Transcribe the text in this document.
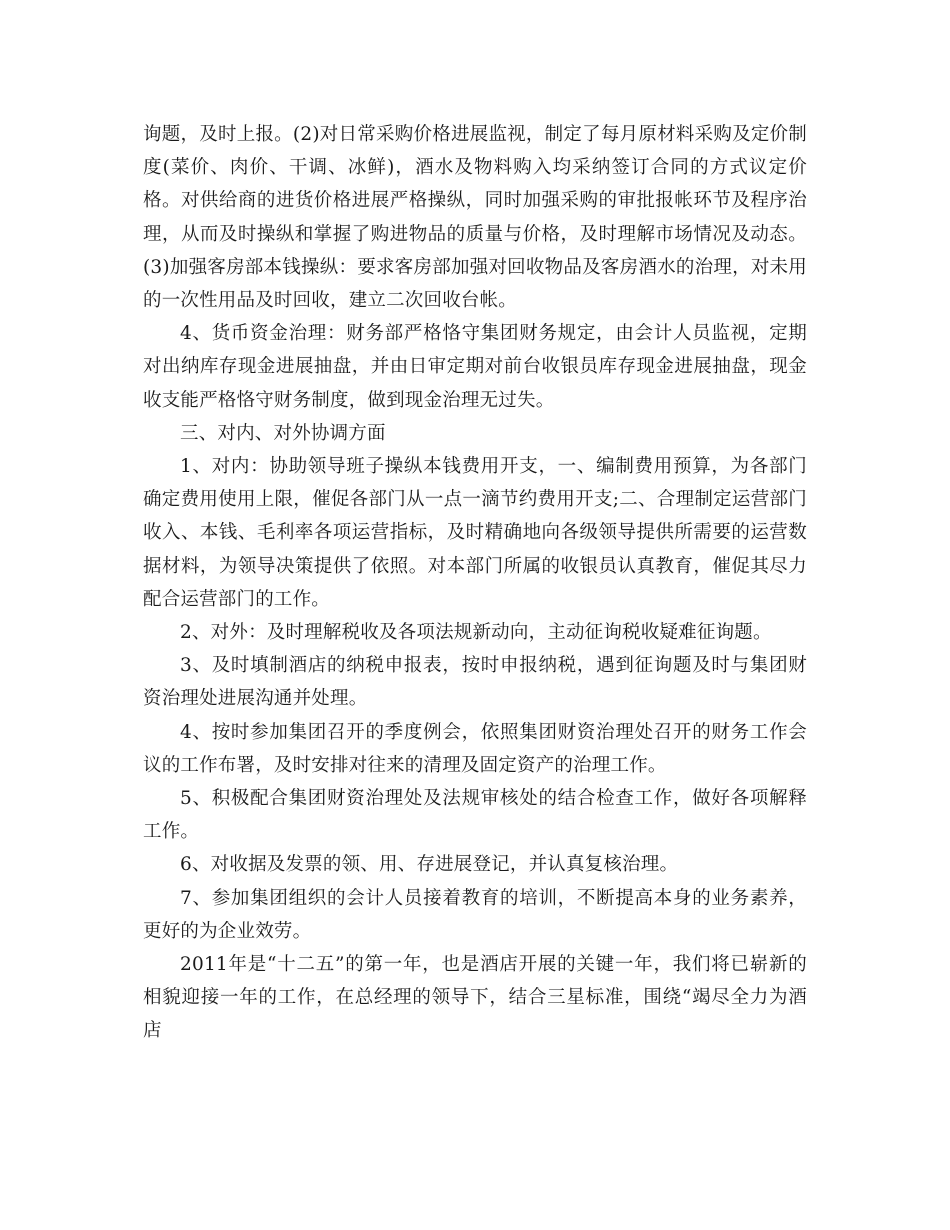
询题，及时上报。(2)对日常采购价格进展监视，制定了每月原材料采购及定价制度(菜价、肉价、干调、冰鲜)，酒水及物料购入均采纳签订合同的方式议定价格。对供给商的进货价格进展严格操纵，同时加强采购的审批报帐环节及程序治理，从而及时操纵和掌握了购进物品的质量与价格，及时理解市场情况及动态。(3)加强客房部本钱操纵：要求客房部加强对回收物品及客房酒水的治理，对未用的一次性用品及时回收，建立二次回收台帐。

4、货币资金治理：财务部严格恪守集团财务规定，由会计人员监视，定期对出纳库存现金进展抽盘，并由日审定期对前台收银员库存现金进展抽盘，现金收支能严格恪守财务制度，做到现金治理无过失。

三、对内、对外协调方面

1、对内：协助领导班子操纵本钱费用开支，一、编制费用预算，为各部门确定费用使用上限，催促各部门从一点一滴节约费用开支;二、合理制定运营部门收入、本钱、毛利率各项运营指标，及时精确地向各级领导提供所需要的运营数据材料，为领导决策提供了依照。对本部门所属的收银员认真教育，催促其尽力配合运营部门的工作。

2、对外：及时理解税收及各项法规新动向，主动征询税收疑难征询题。

3、及时填制酒店的纳税申报表，按时申报纳税，遇到征询题及时与集团财资治理处进展沟通并处理。

4、按时参加集团召开的季度例会，依照集团财资治理处召开的财务工作会议的工作布署，及时安排对往来的清理及固定资产的治理工作。

5、积极配合集团财资治理处及法规审核处的结合检查工作，做好各项解释工作。

6、对收据及发票的领、用、存进展登记，并认真复核治理。

7、参加集团组织的会计人员接着教育的培训，不断提高本身的业务素养，更好的为企业效劳。

2011年是“十二五”的第一年，也是酒店开展的关键一年，我们将已崭新的相貌迎接一年的工作，在总经理的领导下，结合三星标准，围绕“竭尽全力为酒店
